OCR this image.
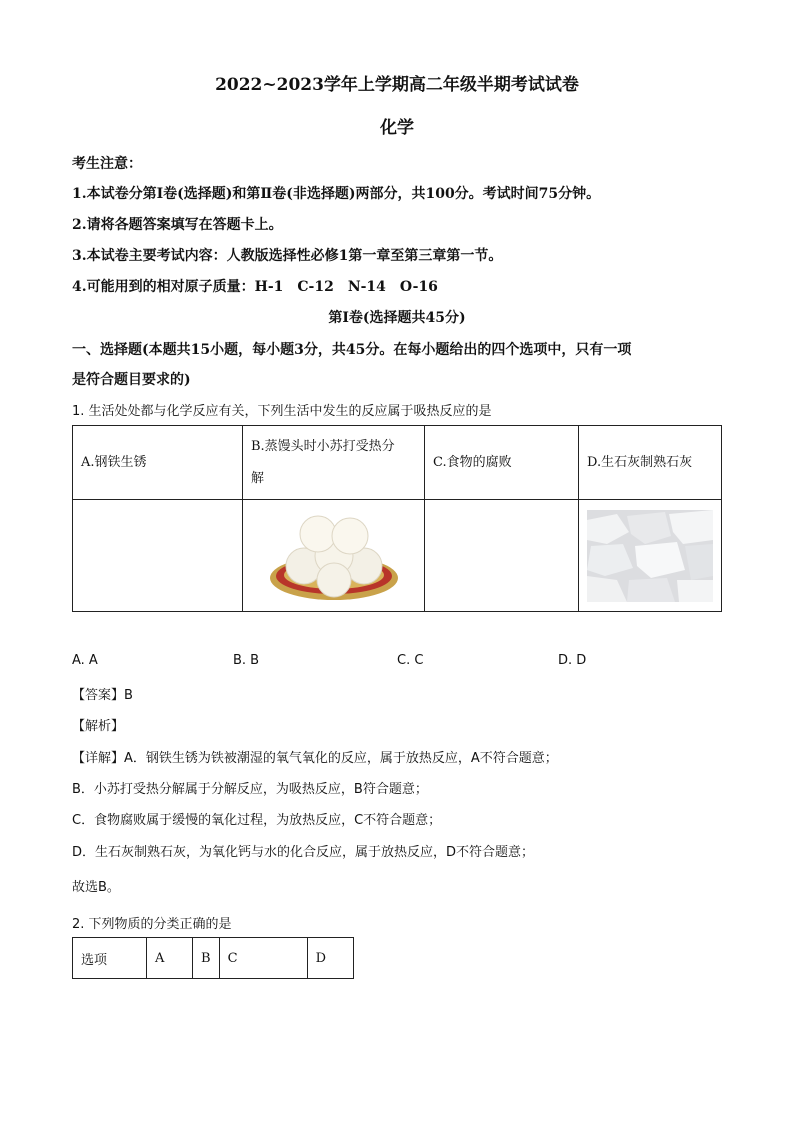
2022~2023学年上学期高二年级半期考试试卷
化学
考生注意：
1.本试卷分第Ⅰ卷(选择题)和第Ⅱ卷(非选择题)两部分，共100分。考试时间75分钟。
2.请将各题答案填写在答题卡上。
3.本试卷主要考试内容：人教版选择性必修1第一章至第三章第一节。
4.可能用到的相对原子质量：H-1　C-12　N-14　O-16
第Ⅰ卷(选择题共45分)
一、选择题(本题共15小题，每小题3分，共45分。在每小题给出的四个选项中，只有一项
是符合题目要求的)
1. 生活处处都与化学反应有关，下列生活中发生的反应属于吸热反应的是
A.钢铁生锈	B.蒸馒头时小苏打受热分
解	C.食物的腐败	D.生石灰制熟石灰

A. A	B. B	C. C	D. D
【答案】B
【解析】
【详解】A．钢铁生锈为铁被潮湿的氧气氧化的反应，属于放热反应，A不符合题意；
B．小苏打受热分解属于分解反应，为吸热反应，B符合题意；
C．食物腐败属于缓慢的氧化过程，为放热反应，C不符合题意；
D．生石灰制熟石灰，为氧化钙与水的化合反应，属于放热反应，D不符合题意；
故选B。
2. 下列物质的分类正确的是
选项	A	B	C	D
